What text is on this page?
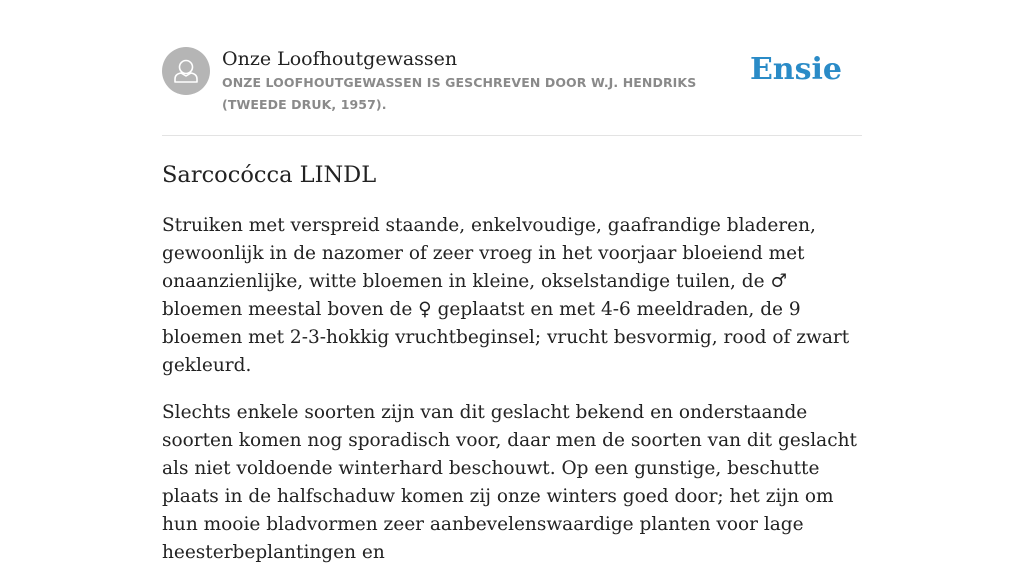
Onze Loofhoutgewassen
ONZE LOOFHOUTGEWASSEN IS GESCHREVEN DOOR W.J. HENDRIKS (TWEEDE DRUK, 1957).
Ensie
Sarcocócca LINDL

Struiken met verspreid staande, enkelvoudige, gaafrandige bladeren, gewoonlijk in de nazomer of zeer vroeg in het voorjaar bloeiend met onaanzienlijke, witte bloemen in kleine, okselstandige tuilen, de ♂ bloemen meestal boven de ♀ geplaatst en met 4-6 meeldraden, de 9 bloemen met 2-3-hokkig vruchtbeginsel; vrucht besvormig, rood of zwart gekleurd.

Slechts enkele soorten zijn van dit geslacht bekend en onderstaande soorten komen nog sporadisch voor, daar men de soorten van dit geslacht als niet voldoende winterhard beschouwt. Op een gunstige, beschutte plaats in de halfschaduw komen zij onze winters goed door; het zijn om hun mooie bladvormen zeer aanbevelenswaardige planten voor lage heesterbeplantingen en
